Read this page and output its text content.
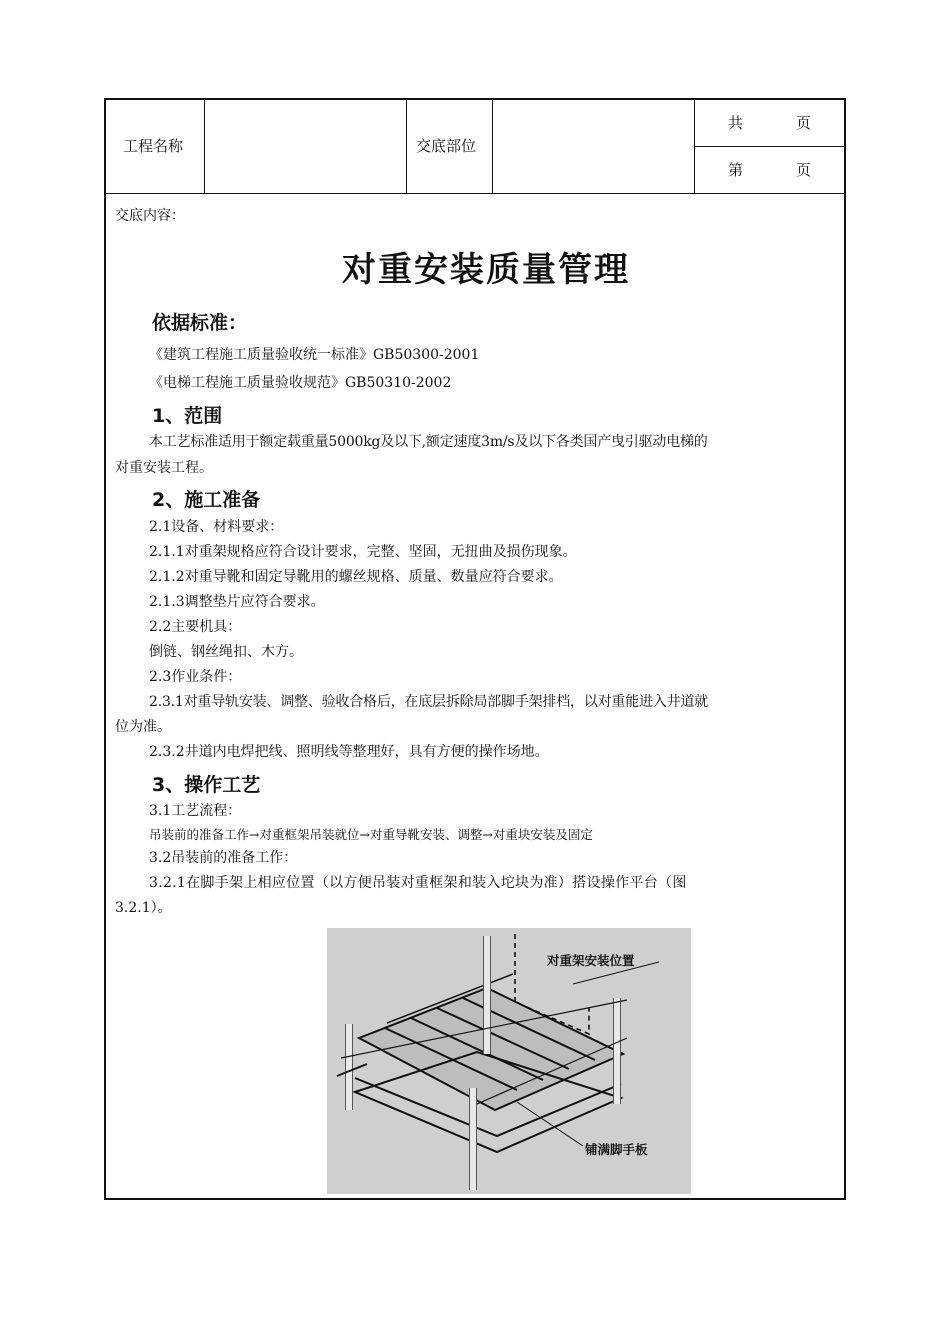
工程名称	交底部位
共	页
第	页
交底内容：
对重安装质量管理
依据标准：
《建筑工程施工质量验收统一标准》GB50300-2001
《电梯工程施工质量验收规范》GB50310-2002
1、范围
本工艺标准适用于额定载重量5000kg及以下,额定速度3m/s及以下各类国产曳引驱动电梯的
对重安装工程。
2、施工准备
2.1设备、材料要求：
2.1.1对重架规格应符合设计要求，完整、坚固，无扭曲及损伤现象。
2.1.2对重导靴和固定导靴用的螺丝规格、质量、数量应符合要求。
2.1.3调整垫片应符合要求。
2.2主要机具：
倒链、钢丝绳扣、木方。
2.3作业条件：
2.3.1对重导轨安装、调整、验收合格后，在底层拆除局部脚手架排档，以对重能进入井道就
位为准。
2.3.2井道内电焊把线、照明线等整理好，具有方便的操作场地。
3、操作工艺
3.1工艺流程：
吊装前的准备工作→对重框架吊装就位→对重导靴安装、调整→对重块安装及固定
3.2吊装前的准备工作：
3.2.1在脚手架上相应位置（以方便吊装对重框架和装入坨块为准）搭设操作平台（图
3.2.1）。
对重架安装位置
铺满脚手板
